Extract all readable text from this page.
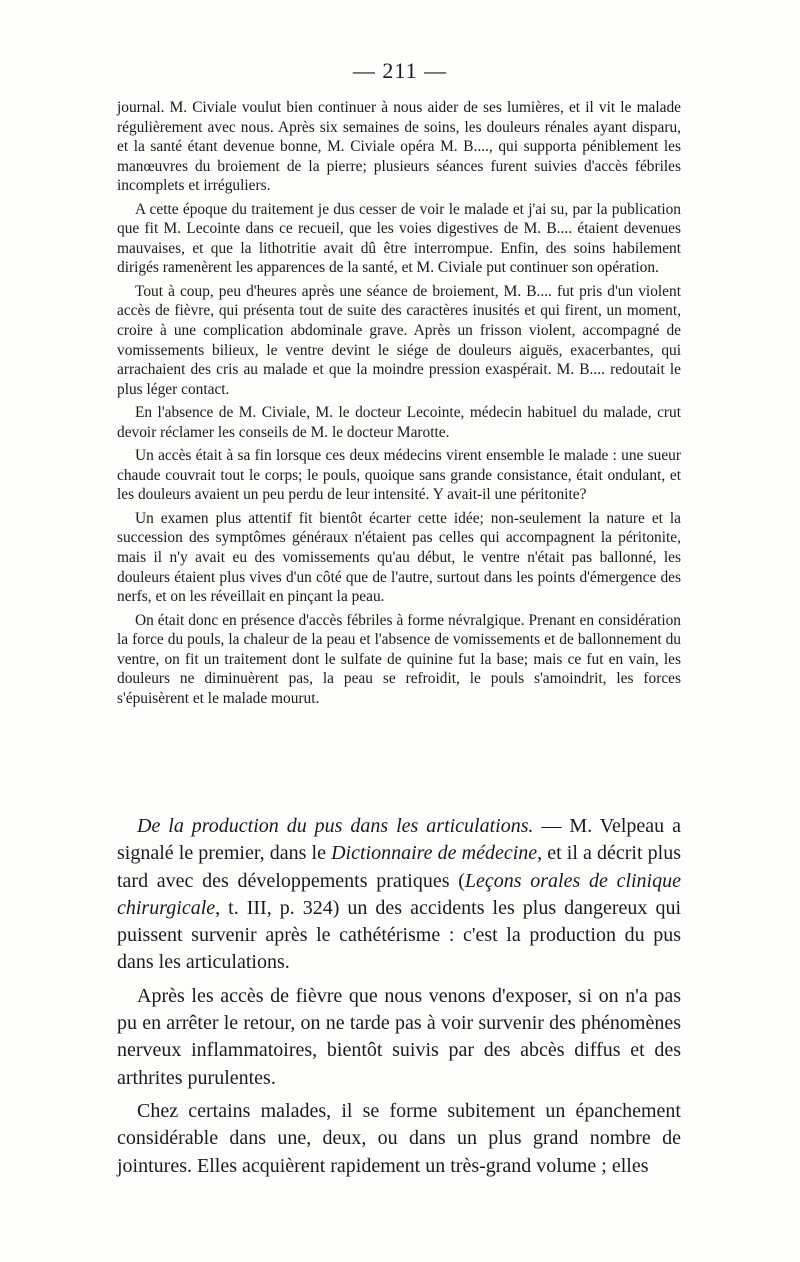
— 211 —

journal. M. Civiale voulut bien continuer à nous aider de ses lumières, et il vit le malade régulièrement avec nous. Après six semaines de soins, les douleurs rénales ayant disparu, et la santé étant devenue bonne, M. Civiale opéra M. B...., qui supporta péniblement les manœuvres du broiement de la pierre; plusieurs séances furent suivies d'accès fébriles incomplets et irréguliers.

A cette époque du traitement je dus cesser de voir le malade et j'ai su, par la publication que fit M. Lecointe dans ce recueil, que les voies digestives de M. B.... étaient devenues mauvaises, et que la lithotritie avait dû être interrompue. Enfin, des soins habilement dirigés ramenèrent les apparences de la santé, et M. Civiale put continuer son opération.

Tout à coup, peu d'heures après une séance de broiement, M. B.... fut pris d'un violent accès de fièvre, qui présenta tout de suite des caractères inusités et qui firent, un moment, croire à une complication abdominale grave. Après un frisson violent, accompagné de vomissements bilieux, le ventre devint le siége de douleurs aiguës, exacerbantes, qui arrachaient des cris au malade et que la moindre pression exaspérait. M. B.... redoutait le plus léger contact.

En l'absence de M. Civiale, M. le docteur Lecointe, médecin habituel du malade, crut devoir réclamer les conseils de M. le docteur Marotte.

Un accès était à sa fin lorsque ces deux médecins virent ensemble le malade : une sueur chaude couvrait tout le corps; le pouls, quoique sans grande consistance, était ondulant, et les douleurs avaient un peu perdu de leur intensité. Y avait-il une péritonite?

Un examen plus attentif fit bientôt écarter cette idée; non-seulement la nature et la succession des symptômes généraux n'étaient pas celles qui accompagnent la péritonite, mais il n'y avait eu des vomissements qu'au début, le ventre n'était pas ballonné, les douleurs étaient plus vives d'un côté que de l'autre, surtout dans les points d'émergence des nerfs, et on les réveillait en pinçant la peau.

On était donc en présence d'accès fébriles à forme névralgique. Prenant en considération la force du pouls, la chaleur de la peau et l'absence de vomissements et de ballonnement du ventre, on fit un traitement dont le sulfate de quinine fut la base; mais ce fut en vain, les douleurs ne diminuèrent pas, la peau se refroidit, le pouls s'amoindrit, les forces s'épuisèrent et le malade mourut.

De la production du pus dans les articulations. — M. Velpeau a signalé le premier, dans le Dictionnaire de médecine, et il a décrit plus tard avec des développements pratiques (Leçons orales de clinique chirurgicale, t. III, p. 324) un des accidents les plus dangereux qui puissent survenir après le cathétérisme : c'est la production du pus dans les articulations.

Après les accès de fièvre que nous venons d'exposer, si on n'a pas pu en arrêter le retour, on ne tarde pas à voir survenir des phénomènes nerveux inflammatoires, bientôt suivis par des abcès diffus et des arthrites purulentes.

Chez certains malades, il se forme subitement un épanchement considérable dans une, deux, ou dans un plus grand nombre de jointures. Elles acquièrent rapidement un très-grand volume ; elles
